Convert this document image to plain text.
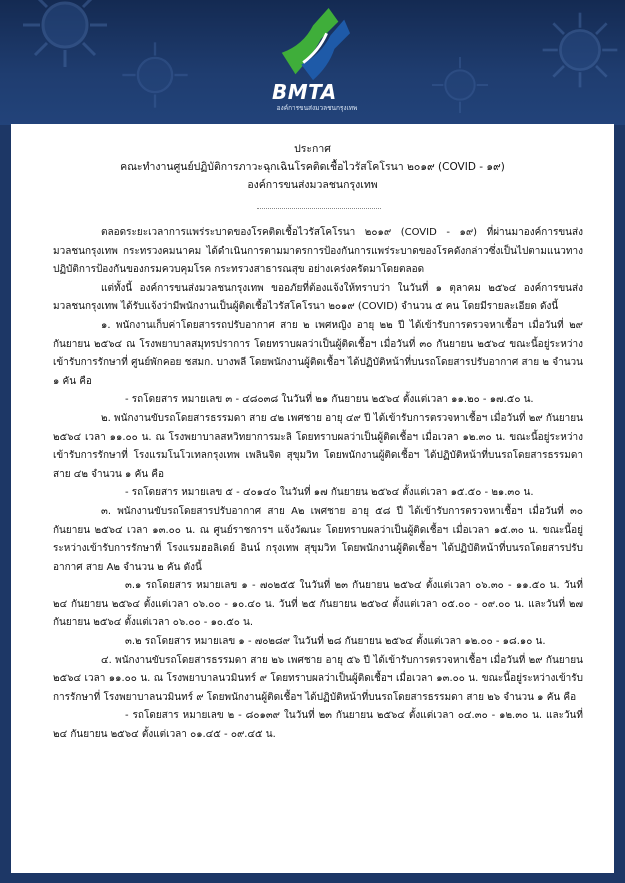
BMTA
องค์การขนส่งมวลชนกรุงเทพ
ประกาศ
คณะทำงานศูนย์ปฏิบัติการภาวะฉุกเฉินโรคติดเชื้อไวรัสโคโรนา ๒๐๑๙ (COVID - ๑๙)
องค์การขนส่งมวลชนกรุงเทพ

ตลอดระยะเวลาการแพร่ระบาดของโรคติดเชื้อไวรัสโคโรนา ๒๐๑๙ (COVID - ๑๙) ที่ผ่านมาองค์การขนส่งมวลชนกรุงเทพ กระทรวงคมนาคม ได้ดำเนินการตามมาตรการป้องกันการแพร่ระบาดของโรคดังกล่าวซึ่งเป็นไปตามแนวทางปฏิบัติการป้องกันของกรมควบคุมโรค กระทรวงสาธารณสุข อย่างเคร่งครัดมาโดยตลอด

แต่ทั้งนี้ องค์การขนส่งมวลชนกรุงเทพ ขออภัยที่ต้องแจ้งให้ทราบว่า ในวันที่ ๑ ตุลาคม ๒๕๖๔ องค์การขนส่งมวลชนกรุงเทพ ได้รับแจ้งว่ามีพนักงานเป็นผู้ติดเชื้อไวรัสโคโรนา ๒๐๑๙ (COVID) จำนวน ๕ คน โดยมีรายละเอียด ดังนี้

๑. พนักงานเก็บค่าโดยสารรถปรับอากาศ สาย ๒ เพศหญิง อายุ ๒๒ ปี ได้เข้ารับการตรวจหาเชื้อฯ เมื่อวันที่ ๒๙ กันยายน ๒๕๖๔ ณ โรงพยาบาลสมุทรปราการ โดยทราบผลว่าเป็นผู้ติดเชื้อฯ เมื่อวันที่ ๓๐ กันยายน ๒๕๖๔ ขณะนี้อยู่ระหว่างเข้ารับการรักษาที่ ศูนย์พักคอย ชสมก. บางพลี โดยพนักงานผู้ติดเชื้อฯ ได้ปฏิบัติหน้าที่บนรถโดยสารปรับอากาศ สาย ๒ จำนวน ๑ คัน คือ

- รถโดยสาร หมายเลข ๓ - ๔๘๐๓๘ ในวันที่ ๒๑ กันยายน ๒๕๖๔ ตั้งแต่เวลา ๑๑.๒๐ - ๑๗.๕๐ น.

๒. พนักงานขับรถโดยสารธรรมดา สาย ๔๒ เพศชาย อายุ ๔๙ ปี ได้เข้ารับการตรวจหาเชื้อฯ เมื่อวันที่ ๒๙ กันยายน ๒๕๖๔ เวลา ๑๑.๐๐ น. ณ โรงพยาบาลสหวิทยาการมะลิ โดยทราบผลว่าเป็นผู้ติดเชื้อฯ เมื่อเวลา ๑๒.๓๐ น. ขณะนี้อยู่ระหว่างเข้ารับการรักษาที่ โรงแรมโนโวเทลกรุงเทพ เพลินจิต สุขุมวิท โดยพนักงานผู้ติดเชื้อฯ ได้ปฏิบัติหน้าที่บนรถโดยสารธรรมดา สาย ๔๒ จำนวน ๑ คัน คือ

- รถโดยสาร หมายเลข ๕ - ๔๐๑๔๐ ในวันที่ ๑๗ กันยายน ๒๕๖๔ ตั้งแต่เวลา ๑๕.๕๐ - ๒๑.๓๐ น.

๓. พนักงานขับรถโดยสารปรับอากาศ สาย A๒ เพศชาย อายุ ๕๘ ปี ได้เข้ารับการตรวจหาเชื้อฯ เมื่อวันที่ ๓๐ กันยายน ๒๕๖๔ เวลา ๑๓.๐๐ น. ณ ศูนย์ราชการฯ แจ้งวัฒนะ โดยทราบผลว่าเป็นผู้ติดเชื้อฯ เมื่อเวลา ๑๕.๓๐ น. ขณะนี้อยู่ระหว่างเข้ารับการรักษาที่ โรงแรมฮอลิเดย์ อินน์ กรุงเทพ สุขุมวิท โดยพนักงานผู้ติดเชื้อฯ ได้ปฏิบัติหน้าที่บนรถโดยสารปรับอากาศ สาย A๒ จำนวน ๒ คัน ดังนี้

๓.๑ รถโดยสาร หมายเลข ๑ - ๗๐๒๕๕ ในวันที่ ๒๓ กันยายน ๒๕๖๔ ตั้งแต่เวลา ๐๖.๓๐ - ๑๑.๕๐ น. วันที่ ๒๔ กันยายน ๒๕๖๔ ตั้งแต่เวลา ๐๖.๐๐ - ๑๐.๔๐ น. วันที่ ๒๕ กันยายน ๒๕๖๔ ตั้งแต่เวลา ๐๕.๐๐ - ๐๙.๐๐ น. และวันที่ ๒๗ กันยายน ๒๕๖๔ ตั้งแต่เวลา ๐๖.๐๐ - ๑๐.๕๐ น.

๓.๒ รถโดยสาร หมายเลข ๑ - ๗๐๒๘๙ ในวันที่ ๒๘ กันยายน ๒๕๖๔ ตั้งแต่เวลา ๑๒.๐๐ - ๑๘.๑๐ น.

๔. พนักงานขับรถโดยสารธรรมดา สาย ๒๖ เพศชาย อายุ ๕๖ ปี ได้เข้ารับการตรวจหาเชื้อฯ เมื่อวันที่ ๒๙ กันยายน ๒๕๖๔ เวลา ๑๑.๐๐ น. ณ โรงพยาบาลนวมินทร์ ๙ โดยทราบผลว่าเป็นผู้ติดเชื้อฯ เมื่อเวลา ๑๓.๐๐ น. ขณะนี้อยู่ระหว่างเข้ารับการรักษาที่ โรงพยาบาลนวมินทร์ ๙ โดยพนักงานผู้ติดเชื้อฯ ได้ปฏิบัติหน้าที่บนรถโดยสารธรรมดา สาย ๒๖ จำนวน ๑ คัน คือ

- รถโดยสาร หมายเลข ๒ - ๘๐๑๓๙ ในวันที่ ๒๓ กันยายน ๒๕๖๔ ตั้งแต่เวลา ๐๔.๓๐ - ๑๒.๓๐ น. และวันที่ ๒๔ กันยายน ๒๕๖๔ ตั้งแต่เวลา ๐๑.๔๕ - ๐๙.๔๕ น.
